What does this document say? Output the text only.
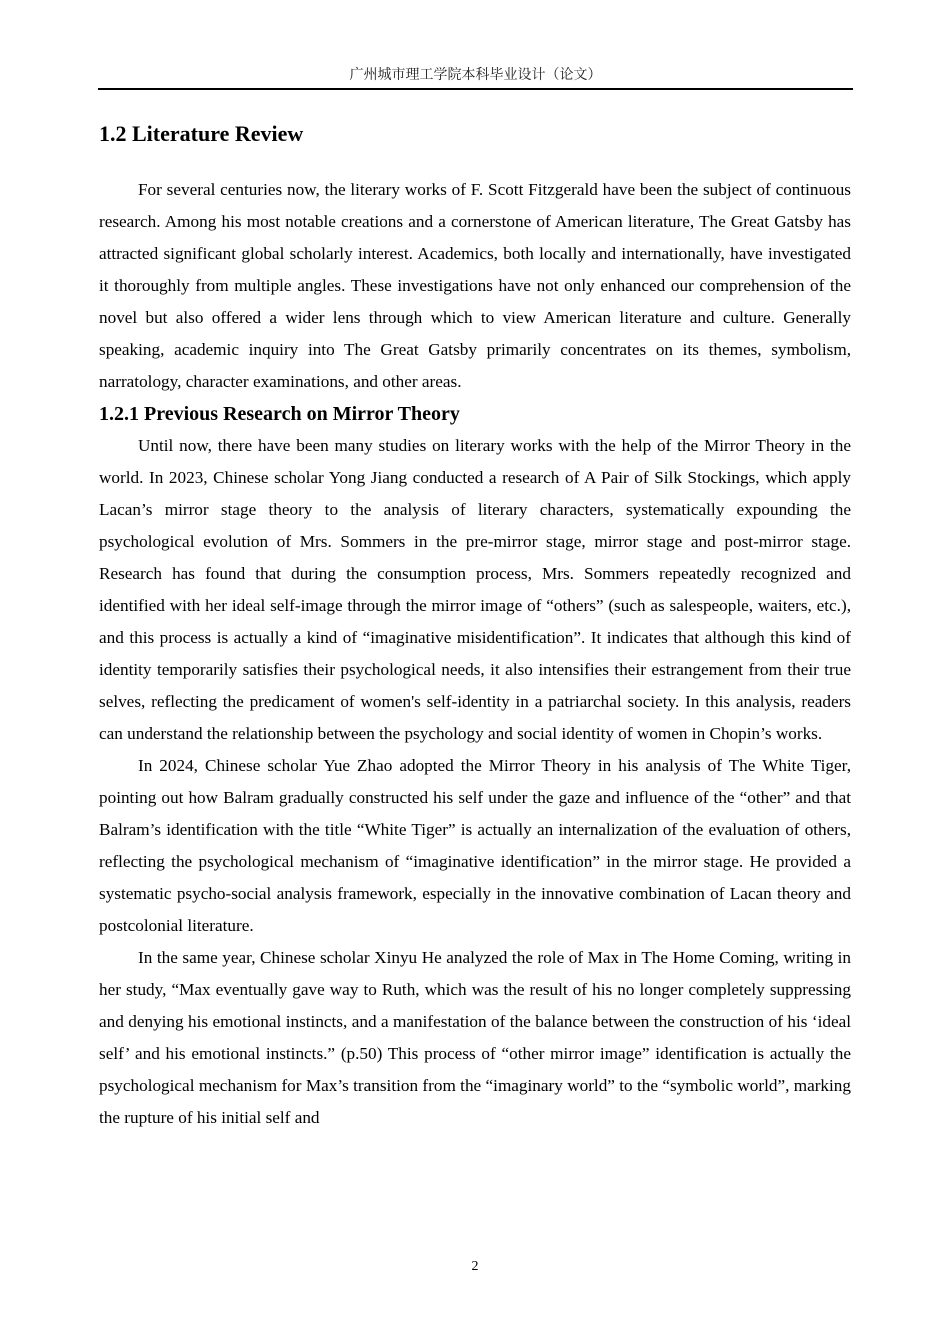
广州城市理工学院本科毕业设计（论文）
1.2 Literature Review

For several centuries now, the literary works of F. Scott Fitzgerald have been the subject of continuous research. Among his most notable creations and a cornerstone of American literature, The Great Gatsby has attracted significant global scholarly interest. Academics, both locally and internationally, have investigated it thoroughly from multiple angles. These investigations have not only enhanced our comprehension of the novel but also offered a wider lens through which to view American literature and culture. Generally speaking, academic inquiry into The Great Gatsby primarily concentrates on its themes, symbolism, narratology, character examinations, and other areas.

1.2.1 Previous Research on Mirror Theory

Until now, there have been many studies on literary works with the help of the Mirror Theory in the world. In 2023, Chinese scholar Yong Jiang conducted a research of A Pair of Silk Stockings, which apply Lacan’s mirror stage theory to the analysis of literary characters, systematically expounding the psychological evolution of Mrs. Sommers in the pre-mirror stage, mirror stage and post-mirror stage. Research has found that during the consumption process, Mrs. Sommers repeatedly recognized and identified with her ideal self-image through the mirror image of “others” (such as salespeople, waiters, etc.), and this process is actually a kind of “imaginative misidentification”. It indicates that although this kind of identity temporarily satisfies their psychological needs, it also intensifies their estrangement from their true selves, reflecting the predicament of women's self-identity in a patriarchal society. In this analysis, readers can understand the relationship between the psychology and social identity of women in Chopin’s works.

In 2024, Chinese scholar Yue Zhao adopted the Mirror Theory in his analysis of The White Tiger, pointing out how Balram gradually constructed his self under the gaze and influence of the “other” and that Balram’s identification with the title “White Tiger” is actually an internalization of the evaluation of others, reflecting the psychological mechanism of “imaginative identification” in the mirror stage. He provided a systematic psycho-social analysis framework, especially in the innovative combination of Lacan theory and postcolonial literature.

In the same year, Chinese scholar Xinyu He analyzed the role of Max in The Home Coming, writing in her study, “Max eventually gave way to Ruth, which was the result of his no longer completely suppressing and denying his emotional instincts, and a manifestation of the balance between the construction of his ‘ideal self’ and his emotional instincts.” (p.50) This process of “other mirror image” identification is actually the psychological mechanism for Max’s transition from the “imaginary world” to the “symbolic world”, marking the rupture of his initial self and

2
